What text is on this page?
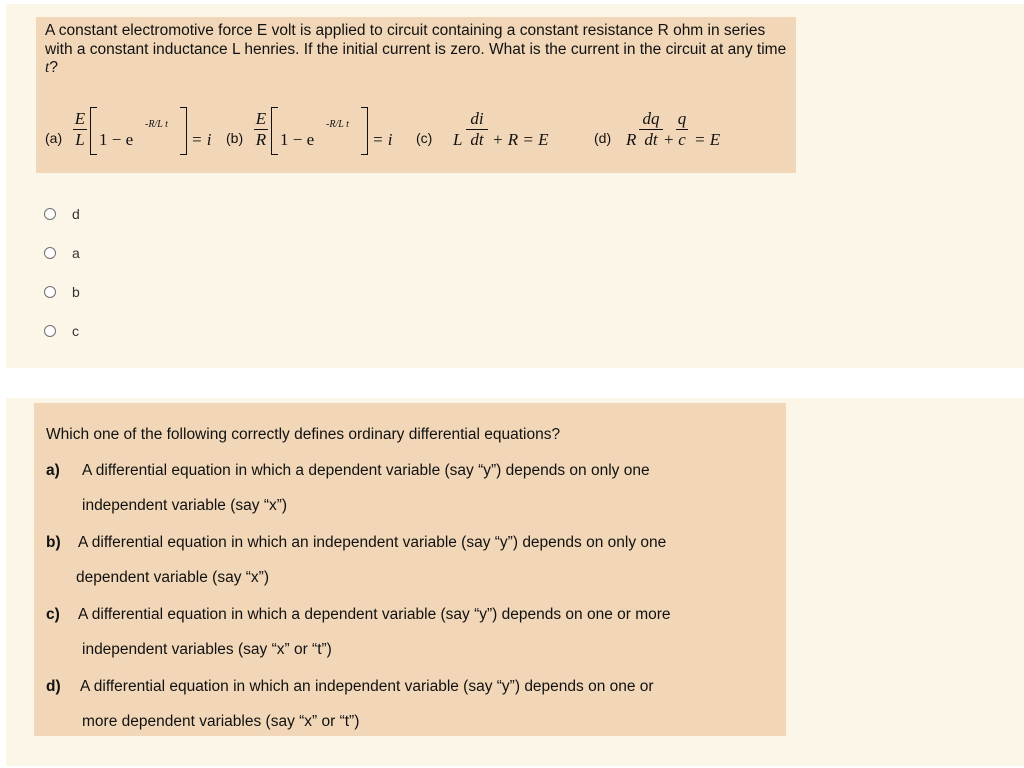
A constant electromotive force E volt is applied to circuit containing a constant resistance R ohm in series with a constant inductance L henries. If the initial current is zero. What is the current in the circuit at any time t?
(a)
E
L 1 − e
-R/L t
= i (b)
E
R 1 − e
-R/L t
= i (c) L
di
dt + R = E	(d) R
dq
dt +
q
c = E
d
a
b
c
Which one of the following correctly defines ordinary differential equations?
a) A differential equation in which a dependent variable (say “y”) depends on only one
independent variable (say “x”)
b) A differential equation in which an independent variable (say “y”) depends on only one
dependent variable (say “x”)
c) A differential equation in which a dependent variable (say “y”) depends on one or more
independent variables (say “x” or “t”)
d) A differential equation in which an independent variable (say “y”) depends on one or
more dependent variables (say “x” or “t”)
